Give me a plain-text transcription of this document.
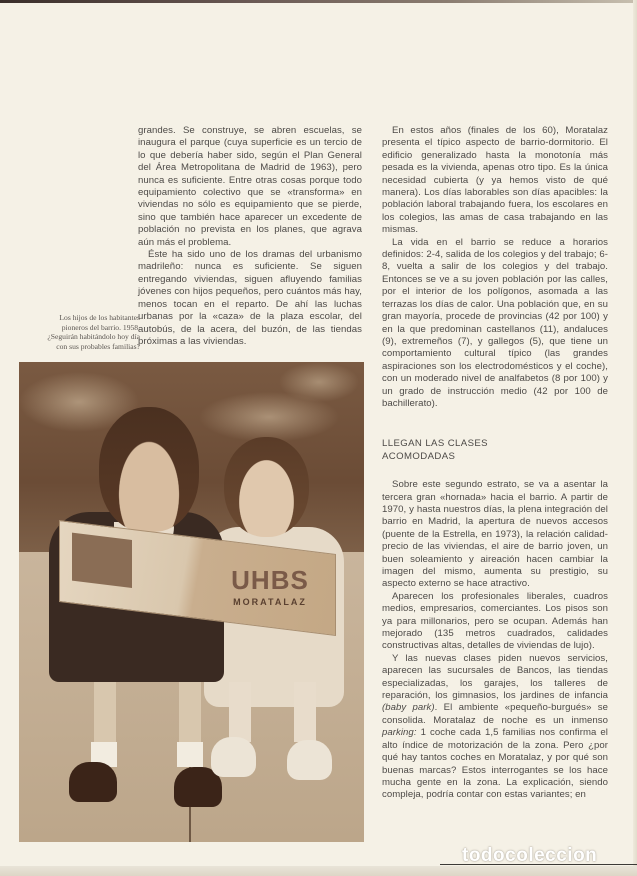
grandes. Se construye, se abren escuelas, se inaugura el parque (cuya superficie es un tercio de lo que debería haber sido, según el Plan General del Área Metropolitana de Madrid de 1963), pero nunca es suficiente. Entre otras cosas porque todo equipamiento colectivo que se «transforma» en viviendas no sólo es equipamiento que se pierde, sino que también hace aparecer un excedente de población no prevista en los planes, que agrava aún más el problema.

Éste ha sido uno de los dramas del urbanismo madrileño: nunca es suficiente. Se siguen entregando viviendas, siguen afluyendo familias jóvenes con hijos pequeños, pero cuántos más hay, menos tocan en el reparto. De ahí las luchas urbanas por la «caza» de la plaza escolar, del autobús, de la acera, del buzón, de las tiendas próximas a las viviendas.

Los hijos de los habitantes
pioneros del barrio. 1958.
¿Seguirán habitándolo hoy día
con sus probables familias?

En estos años (finales de los 60), Moratalaz presenta el típico aspecto de barrio-dormitorio. El edificio generalizado hasta la monotonía más pesada es la vivienda, apenas otro tipo. Es la única necesidad cubierta (y ya hemos visto de qué manera). Los días laborables son días apacibles: la población laboral trabajando fuera, los escolares en los colegios, las amas de casa trabajando en las mismas.

La vida en el barrio se reduce a horarios definidos: 2-4, salida de los colegios y del trabajo; 6-8, vuelta a salir de los colegios y del trabajo. Entonces se ve a su joven población por las calles, por el interior de los polígonos, asomada a las terrazas los días de calor. Una población que, en su gran mayoría, procede de provincias (42 por 100) y en la que predominan castellanos (11), andaluces (9), extremeños (7), y gallegos (5), que tiene un comportamiento cultural típico (las grandes aspiraciones son los electrodomésticos y el coche), con un moderado nivel de analfabetos (8 por 100) y un grado de instrucción medio (42 por 100 de bachillerato).

LLEGAN LAS CLASES
ACOMODADAS

Sobre este segundo estrato, se va a asentar la tercera gran «hornada» hacia el barrio. A partir de 1970, y hasta nuestros días, la plena integración del barrio en Madrid, la apertura de nuevos accesos (puente de la Estrella, en 1973), la relación calidad-precio de las viviendas, el aire de barrio joven, un buen soleamiento y aireación hacen cambiar la imagen del mismo, aumenta su prestigio, su aspecto externo se hace atractivo.

Aparecen los profesionales liberales, cuadros medios, empresarios, comerciantes. Los pisos son ya para millonarios, pero se ocupan. Además han mejorado (135 metros cuadrados, calidades constructivas altas, detalles de viviendas de lujo).

Y las nuevas clases piden nuevos servicios, aparecen las sucursales de Bancos, las tiendas especializadas, los garajes, los talleres de reparación, los gimnasios, los jardines de infancia (baby park). El ambiente «pequeño-burgués» se consolida. Moratalaz de noche es un inmenso parking: 1 coche cada 1,5 familias nos confirma el alto índice de motorización de la zona. Pero ¿por qué hay tantos coches en Moratalaz, y por qué son buenas marcas? Estos interrogantes se los hace mucha gente en la zona. La explicación, siendo compleja, podría contar con estas variantes; en

UHBS
MORATALAZ
todocoleccion
